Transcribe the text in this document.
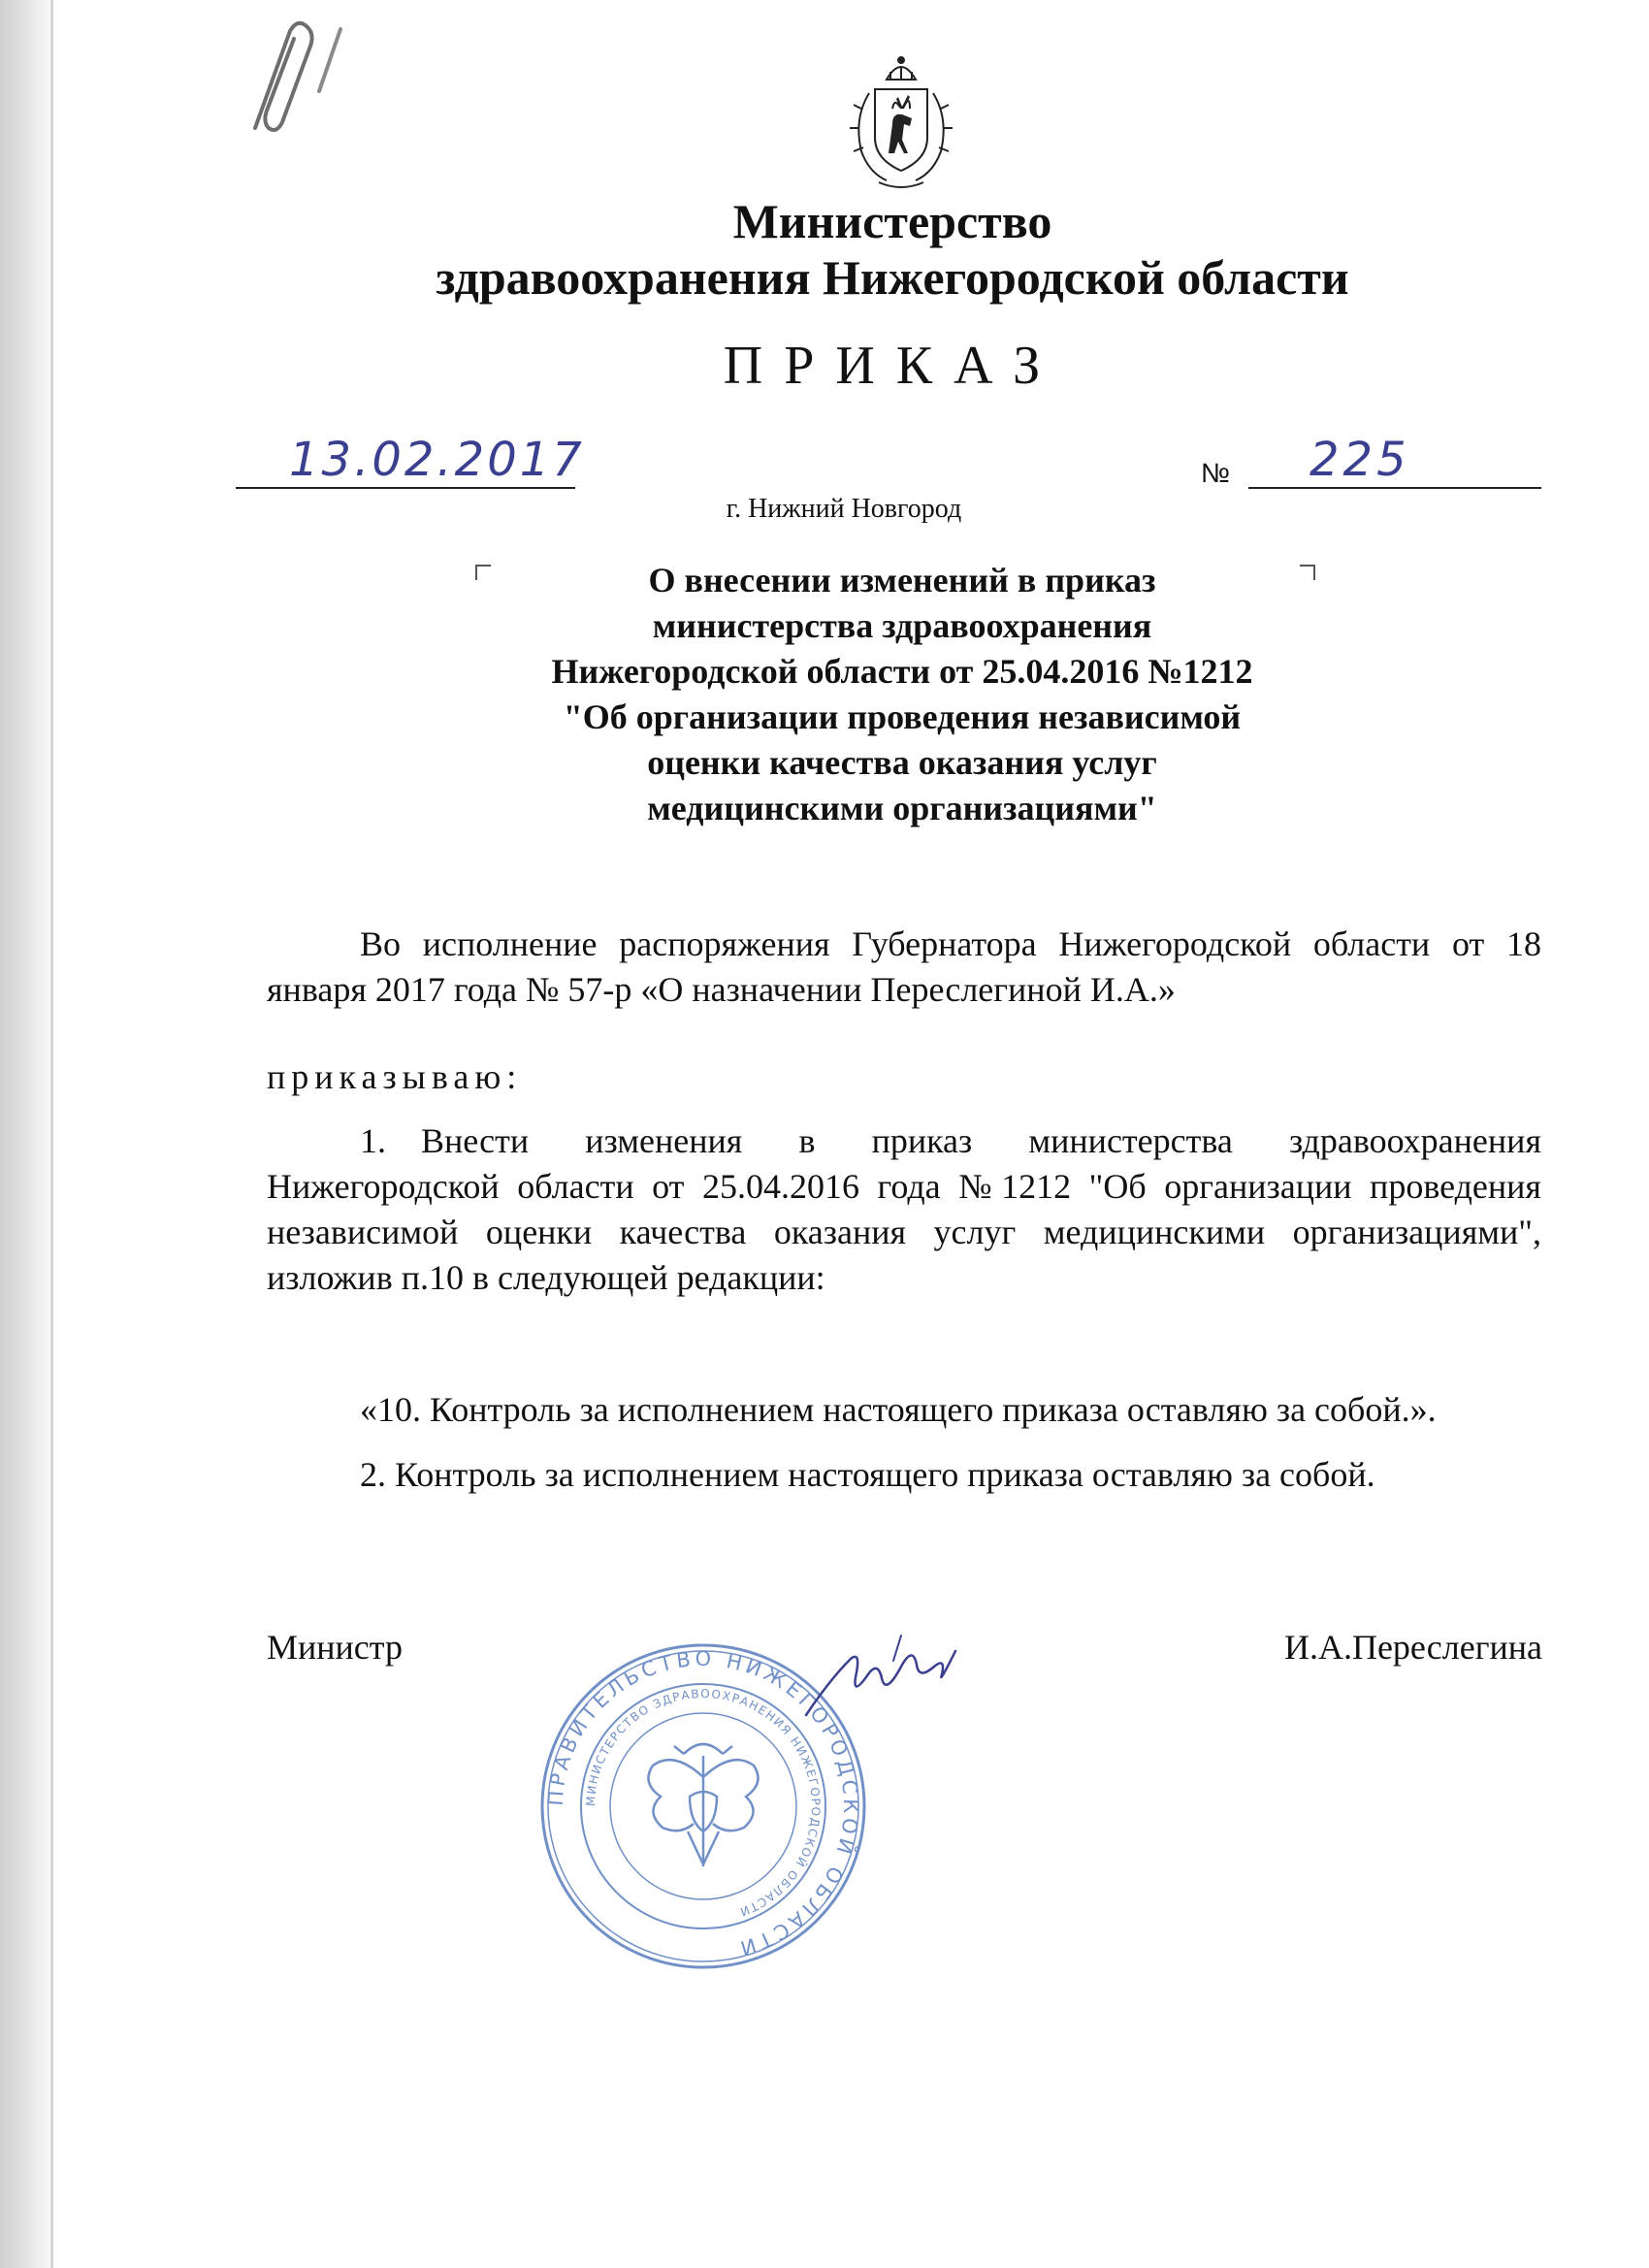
Министерство
здравоохранения Нижегородской области
ПРИКАЗ
13.02.2017	№ 225
г. Нижний Новгород
О внесении изменений в приказ
министерства здравоохранения
Нижегородской области от 25.04.2016 №1212
"Об организации проведения независимой
оценки качества оказания услуг
медицинскими организациями"

Во исполнение распоряжения Губернатора Нижегородской области от 18 января 2017 года № 57-р «О назначении Переслегиной И.А.»

приказываю:

1. Внести изменения в приказ министерства здравоохранения Нижегородской области от 25.04.2016 года №1212 "Об организации проведения независимой оценки качества оказания услуг медицинскими организациями", изложив п.10 в следующей редакции:

«10. Контроль за исполнением настоящего приказа оставляю за собой.».

2. Контроль за исполнением настоящего приказа оставляю за собой.

Министр	И.А.Переслегина
ПРАВИТЕЛЬСТВО НИЖЕГОРОДСКОЙ ОБЛАСТИ
МИНИСТЕРСТВО ЗДРАВООХРАНЕНИЯ НИЖЕГОРОДСКОЙ ОБЛАСТИ
